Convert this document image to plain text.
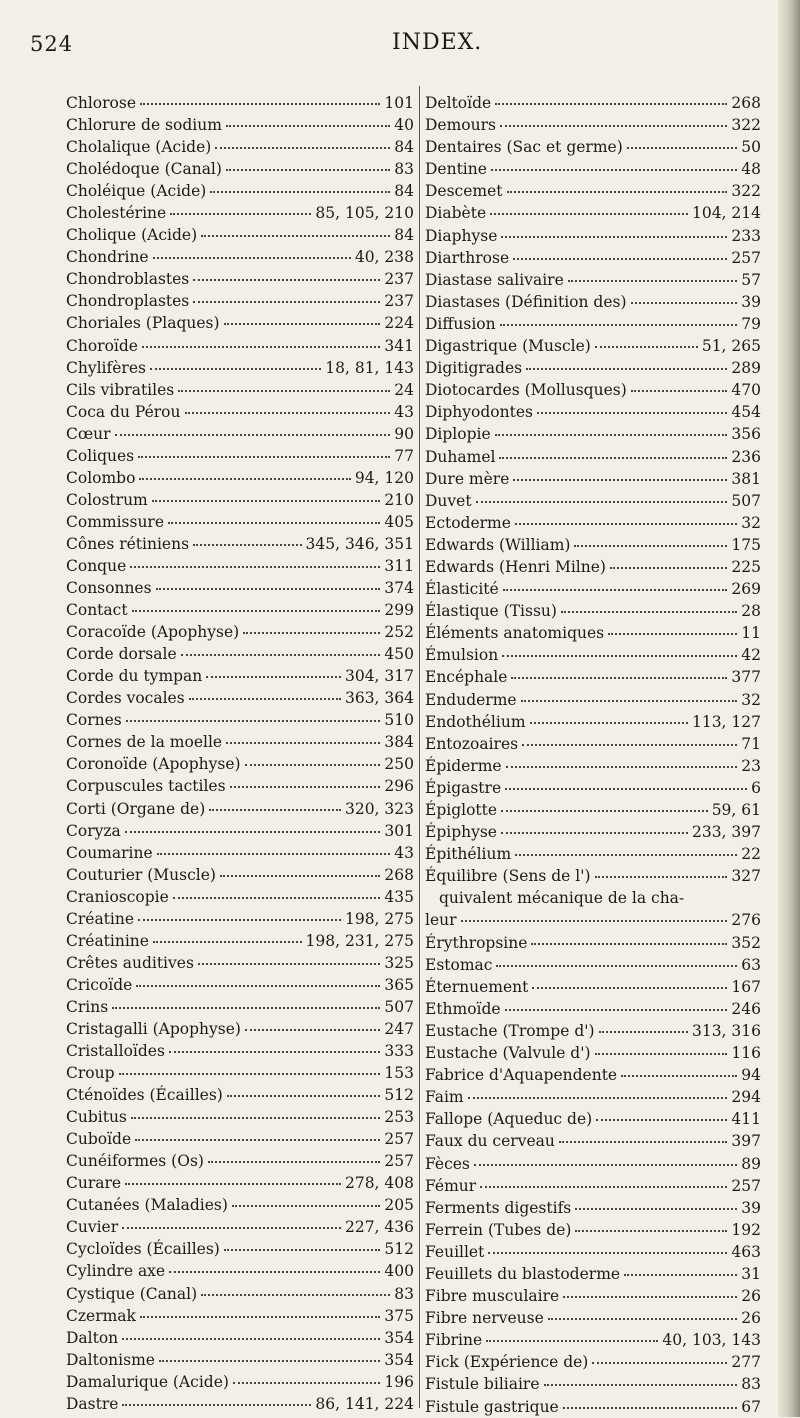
524	INDEX.
Chlorose	101
Chlorure de sodium	40
Cholalique (Acide)	84
Cholédoque (Canal)	83
Choléique (Acide)	84
Cholestérine	85, 105, 210
Cholique (Acide)	84
Chondrine	40, 238
Chondroblastes	237
Chondroplastes	237
Choriales (Plaques)	224
Choroïde	341
Chylifères	18, 81, 143
Cils vibratiles	24
Coca du Pérou	43
Cœur	90
Coliques	77
Colombo	94, 120
Colostrum	210
Commissure	405
Cônes rétiniens	345, 346, 351
Conque	311
Consonnes	374
Contact	299
Coracoïde (Apophyse)	252
Corde dorsale	450
Corde du tympan	304, 317
Cordes vocales	363, 364
Cornes	510
Cornes de la moelle	384
Coronoïde (Apophyse)	250
Corpuscules tactiles	296
Corti (Organe de)	320, 323
Coryza	301
Coumarine	43
Couturier (Muscle)	268
Cranioscopie	435
Créatine	198, 275
Créatinine	198, 231, 275
Crêtes auditives	325
Cricoïde	365
Crins	507
Cristagalli (Apophyse)	247
Cristalloïdes	333
Croup	153
Cténoïdes (Écailles)	512
Cubitus	253
Cuboïde	257
Cunéiformes (Os)	257
Curare	278, 408
Cutanées (Maladies)	205
Cuvier	227, 436
Cycloïdes (Écailles)	512
Cylindre axe	400
Cystique (Canal)	83
Czermak	375
Dalton	354
Daltonisme	354
Damalurique (Acide)	196
Dastre	86, 141, 224
Deltoïde	268
Demours	322
Dentaires (Sac et germe)	50
Dentine	48
Descemet	322
Diabète	104, 214
Diaphyse	233
Diarthrose	257
Diastase salivaire	57
Diastases (Définition des)	39
Diffusion	79
Digastrique (Muscle)	51, 265
Digitigrades	289
Diotocardes (Mollusques)	470
Diphyodontes	454
Diplopie	356
Duhamel	236
Dure mère	381
Duvet	507
Ectoderme	32
Edwards (William)	175
Edwards (Henri Milne)	225
Élasticité	269
Élastique (Tissu)	28
Éléments anatomiques	11
Émulsion	42
Encéphale	377
Enduderme	32
Endothélium	113, 127
Entozoaires	71
Épiderme	23
Épigastre	6
Épiglotte	59, 61
Épiphyse	233, 397
Épithélium	22
Équilibre (Sens de l')	327
quivalent mécanique de la cha-
leur	276
Érythropsine	352
Estomac	63
Éternuement	167
Ethmoïde	246
Eustache (Trompe d')	313, 316
Eustache (Valvule d')	116
Fabrice d'Aquapendente	94
Faim	294
Fallope (Aqueduc de)	411
Faux du cerveau	397
Fèces	89
Fémur	257
Ferments digestifs	39
Ferrein (Tubes de)	192
Feuillet	463
Feuillets du blastoderme	31
Fibre musculaire	26
Fibre nerveuse	26
Fibrine	40, 103, 143
Fick (Expérience de)	277
Fistule biliaire	83
Fistule gastrique	67
